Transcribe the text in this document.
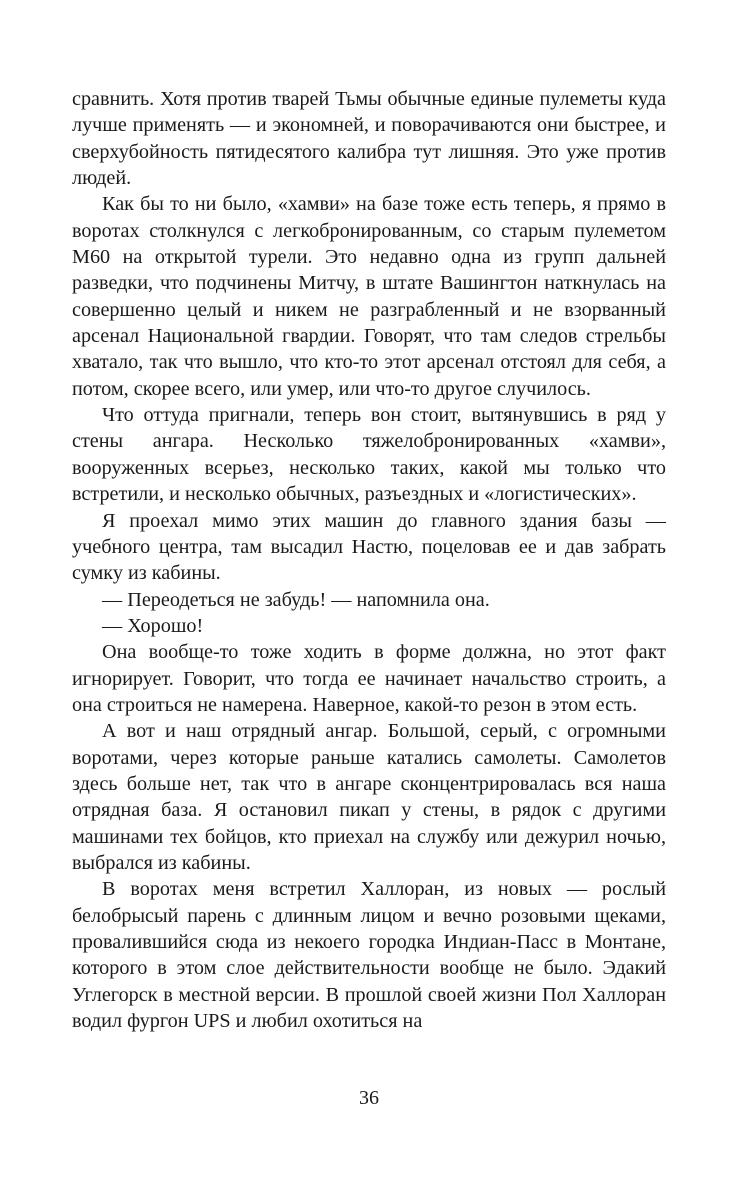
сравнить. Хотя против тварей Тьмы обычные единые пулеметы куда лучше применять — и экономней, и поворачиваются они быстрее, и сверхубойность пятидесятого калибра тут лишняя. Это уже против людей.

Как бы то ни было, «хамви» на базе тоже есть теперь, я прямо в воротах столкнулся с легкобронированным, со старым пулеметом М60 на открытой турели. Это недавно одна из групп дальней разведки, что подчинены Митчу, в штате Вашингтон наткнулась на совершенно целый и никем не разграбленный и не взорванный арсенал Национальной гвардии. Говорят, что там следов стрельбы хватало, так что вышло, что кто-то этот арсенал отстоял для себя, а потом, скорее всего, или умер, или что-то другое случилось.

Что оттуда пригнали, теперь вон стоит, вытянувшись в ряд у стены ангара. Несколько тяжелобронированных «хамви», вооруженных всерьез, несколько таких, какой мы только что встретили, и несколько обычных, разъездных и «логистических».

Я проехал мимо этих машин до главного здания базы — учебного центра, там высадил Настю, поцеловав ее и дав забрать сумку из кабины.

— Переодеться не забудь! — напомнила она.

— Хорошо!

Она вообще-то тоже ходить в форме должна, но этот факт игнорирует. Говорит, что тогда ее начинает начальство строить, а она строиться не намерена. Наверное, какой-то резон в этом есть.

А вот и наш отрядный ангар. Большой, серый, с огромными воротами, через которые раньше катались самолеты. Самолетов здесь больше нет, так что в ангаре сконцентрировалась вся наша отрядная база. Я остановил пикап у стены, в рядок с другими машинами тех бойцов, кто приехал на службу или дежурил ночью, выбрался из кабины.

В воротах меня встретил Халлоран, из новых — рослый белобрысый парень с длинным лицом и вечно розовыми щеками, провалившийся сюда из некоего городка Индиан-Пасс в Монтане, которого в этом слое действительности вообще не было. Эдакий Углегорск в местной версии. В прошлой своей жизни Пол Халлоран водил фургон UPS и любил охотиться на

36
